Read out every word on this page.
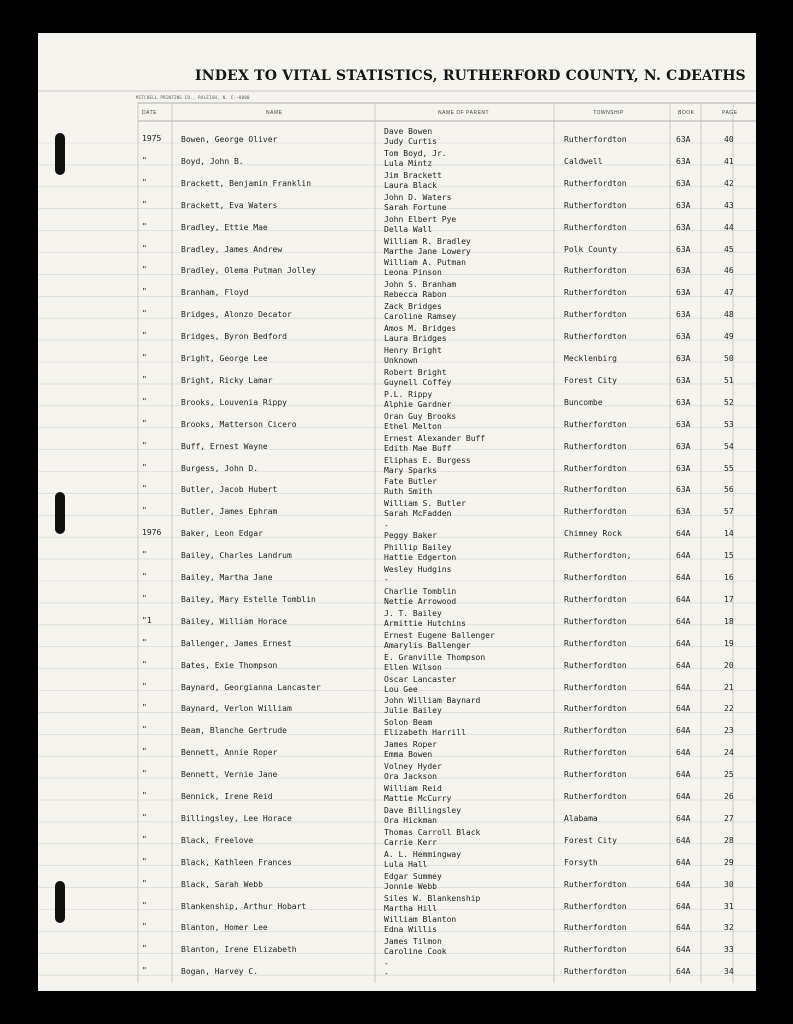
INDEX TO VITAL STATISTICS, RUTHERFORD COUNTY, N. C.
DEATHS
MITCHELL PRINTING CO., RALEIGH, N. C.—0000
DATE	NAME	NAME OF PARENT	TOWNSHIP	BOOK	PAGE
1975 Bowen, George Oliver
Dave Bowen
Judy Curtis	Rutherfordton	63A	40
"	Boyd, John B.
Tom Boyd, Jr.
Lula Mintz	Caldwell	63A	41
"	Brackett, Benjamin Franklin
Jim Brackett
Laura Black	Rutherfordton	63A	42
"	Brackett, Eva Waters
John D. Waters
Sarah Fortune	Rutherfordton	63A	43
"	Bradley, Ettie Mae
John Elbert Pye
Della Wall	Rutherfordton	63A	44
"	Bradley, James Andrew
William R. Bradley
Marthe Jane Lowery	Polk County	63A	45
"	Bradley, Olema Putman Jolley
William A. Putman
Leona Pinson	Rutherfordton	63A	46
"	Branham, Floyd
John S. Branham
Rebecca Rabon	Rutherfordton	63A	47
"	Bridges, Alonzo Decator
Zack Bridges
Caroline Ramsey	Rutherfordton	63A	48
"	Bridges, Byron Bedford
Amos M. Bridges
Laura Bridges	Rutherfordton	63A	49
"	Bright, George Lee
Henry Bright
Unknown	Mecklenbirg	63A	50
"	Bright, Ricky Lamar
Robert Bright
Guynell Coffey	Forest City	63A	51
"	Brooks, Louvenia Rippy
P.L. Rippy
Alphie Gardner	Buncombe	63A	52
"	Brooks, Matterson Cicero
Oran Guy Brooks
Ethel Melton	Rutherfordton	63A	53
"	Buff, Ernest Wayne
Ernest Alexander Buff
Edith Mae Buff	Rutherfordton	63A	54
"	Burgess, John D.
Eliphas E. Burgess
Mary Sparks	Rutherfordton	63A	55
"	Butler, Jacob Hubert
Fate Butler
Ruth Smith	Rutherfordton	63A	56
"	Butler, James Ephram
William S. Butler
Sarah McFadden	Rutherfordton	63A	57
1976 Baker, Leon Edgar
-
Peggy Baker	Chimney Rock	64A	14
"	Bailey, Charles Landrum
Phillip Bailey
Hattie Edgerton	Rutherfordton,	64A	15
"	Bailey, Martha Jane
Wesley Hudgins
-	Rutherfordton	64A	16
"	Bailey, Mary Estelle Tomblin
Charlie Tomblin
Nettie Arrowood	Rutherfordton	64A	17
"1	Bailey, William Horace
J. T. Bailey
Armittie Hutchins	Rutherfordton	64A	18
"	Ballenger, James Ernest
Ernest Eugene Ballenger
Amarylis Ballenger	Rutherfordton	64A	19
"	Bates, Exie Thompson
E. Granville Thompson
Ellen Wilson	Rutherfordton	64A	20
"	Baynard, Georgianna Lancaster
Oscar Lancaster
Lou Gee	Rutherfordton	64A	21
"	Baynard, Verlon William
John William Baynard
Julie Bailey	Rutherfordton	64A	22
"	Beam, Blanche Gertrude
Solon Beam
Elizabeth Harrill	Rutherfordton	64A	23
"	Bennett, Annie Roper
James Roper
Emma Bowen	Rutherfordton	64A	24
"	Bennett, Vernie Jane
Volney Hyder
Ora Jackson	Rutherfordton	64A	25
"	Bennick, Irene Reid
William Reid
Mattie McCurry	Rutherfordton	64A	26
"	Billingsley, Lee Horace
Dave Billingsley
Ora Hickman	Alabama	64A	27
"	Black, Freelove
Thomas Carroll Black
Carrie Kerr	Forest City	64A	28
"	Black, Kathleen Frances
A. L. Hemmingway
Lula Hall	Forsyth	64A	29
"	Black, Sarah Webb
Edgar Summey
Jonnie Webb	Rutherfordton	64A	30
"	Blankenship, Arthur Hobart
Siles W. Blankenship
Martha Hill	Rutherfordton	64A	31
"	Blanton, Homer Lee
William Blanton
Edna Willis	Rutherfordton	64A	32
"	Blanton, Irene Elizabeth
James Tilmon
Caroline Cook	Rutherfordton	64A	33
"	Bogan, Harvey C.
-
-	Rutherfordton	64A	34
